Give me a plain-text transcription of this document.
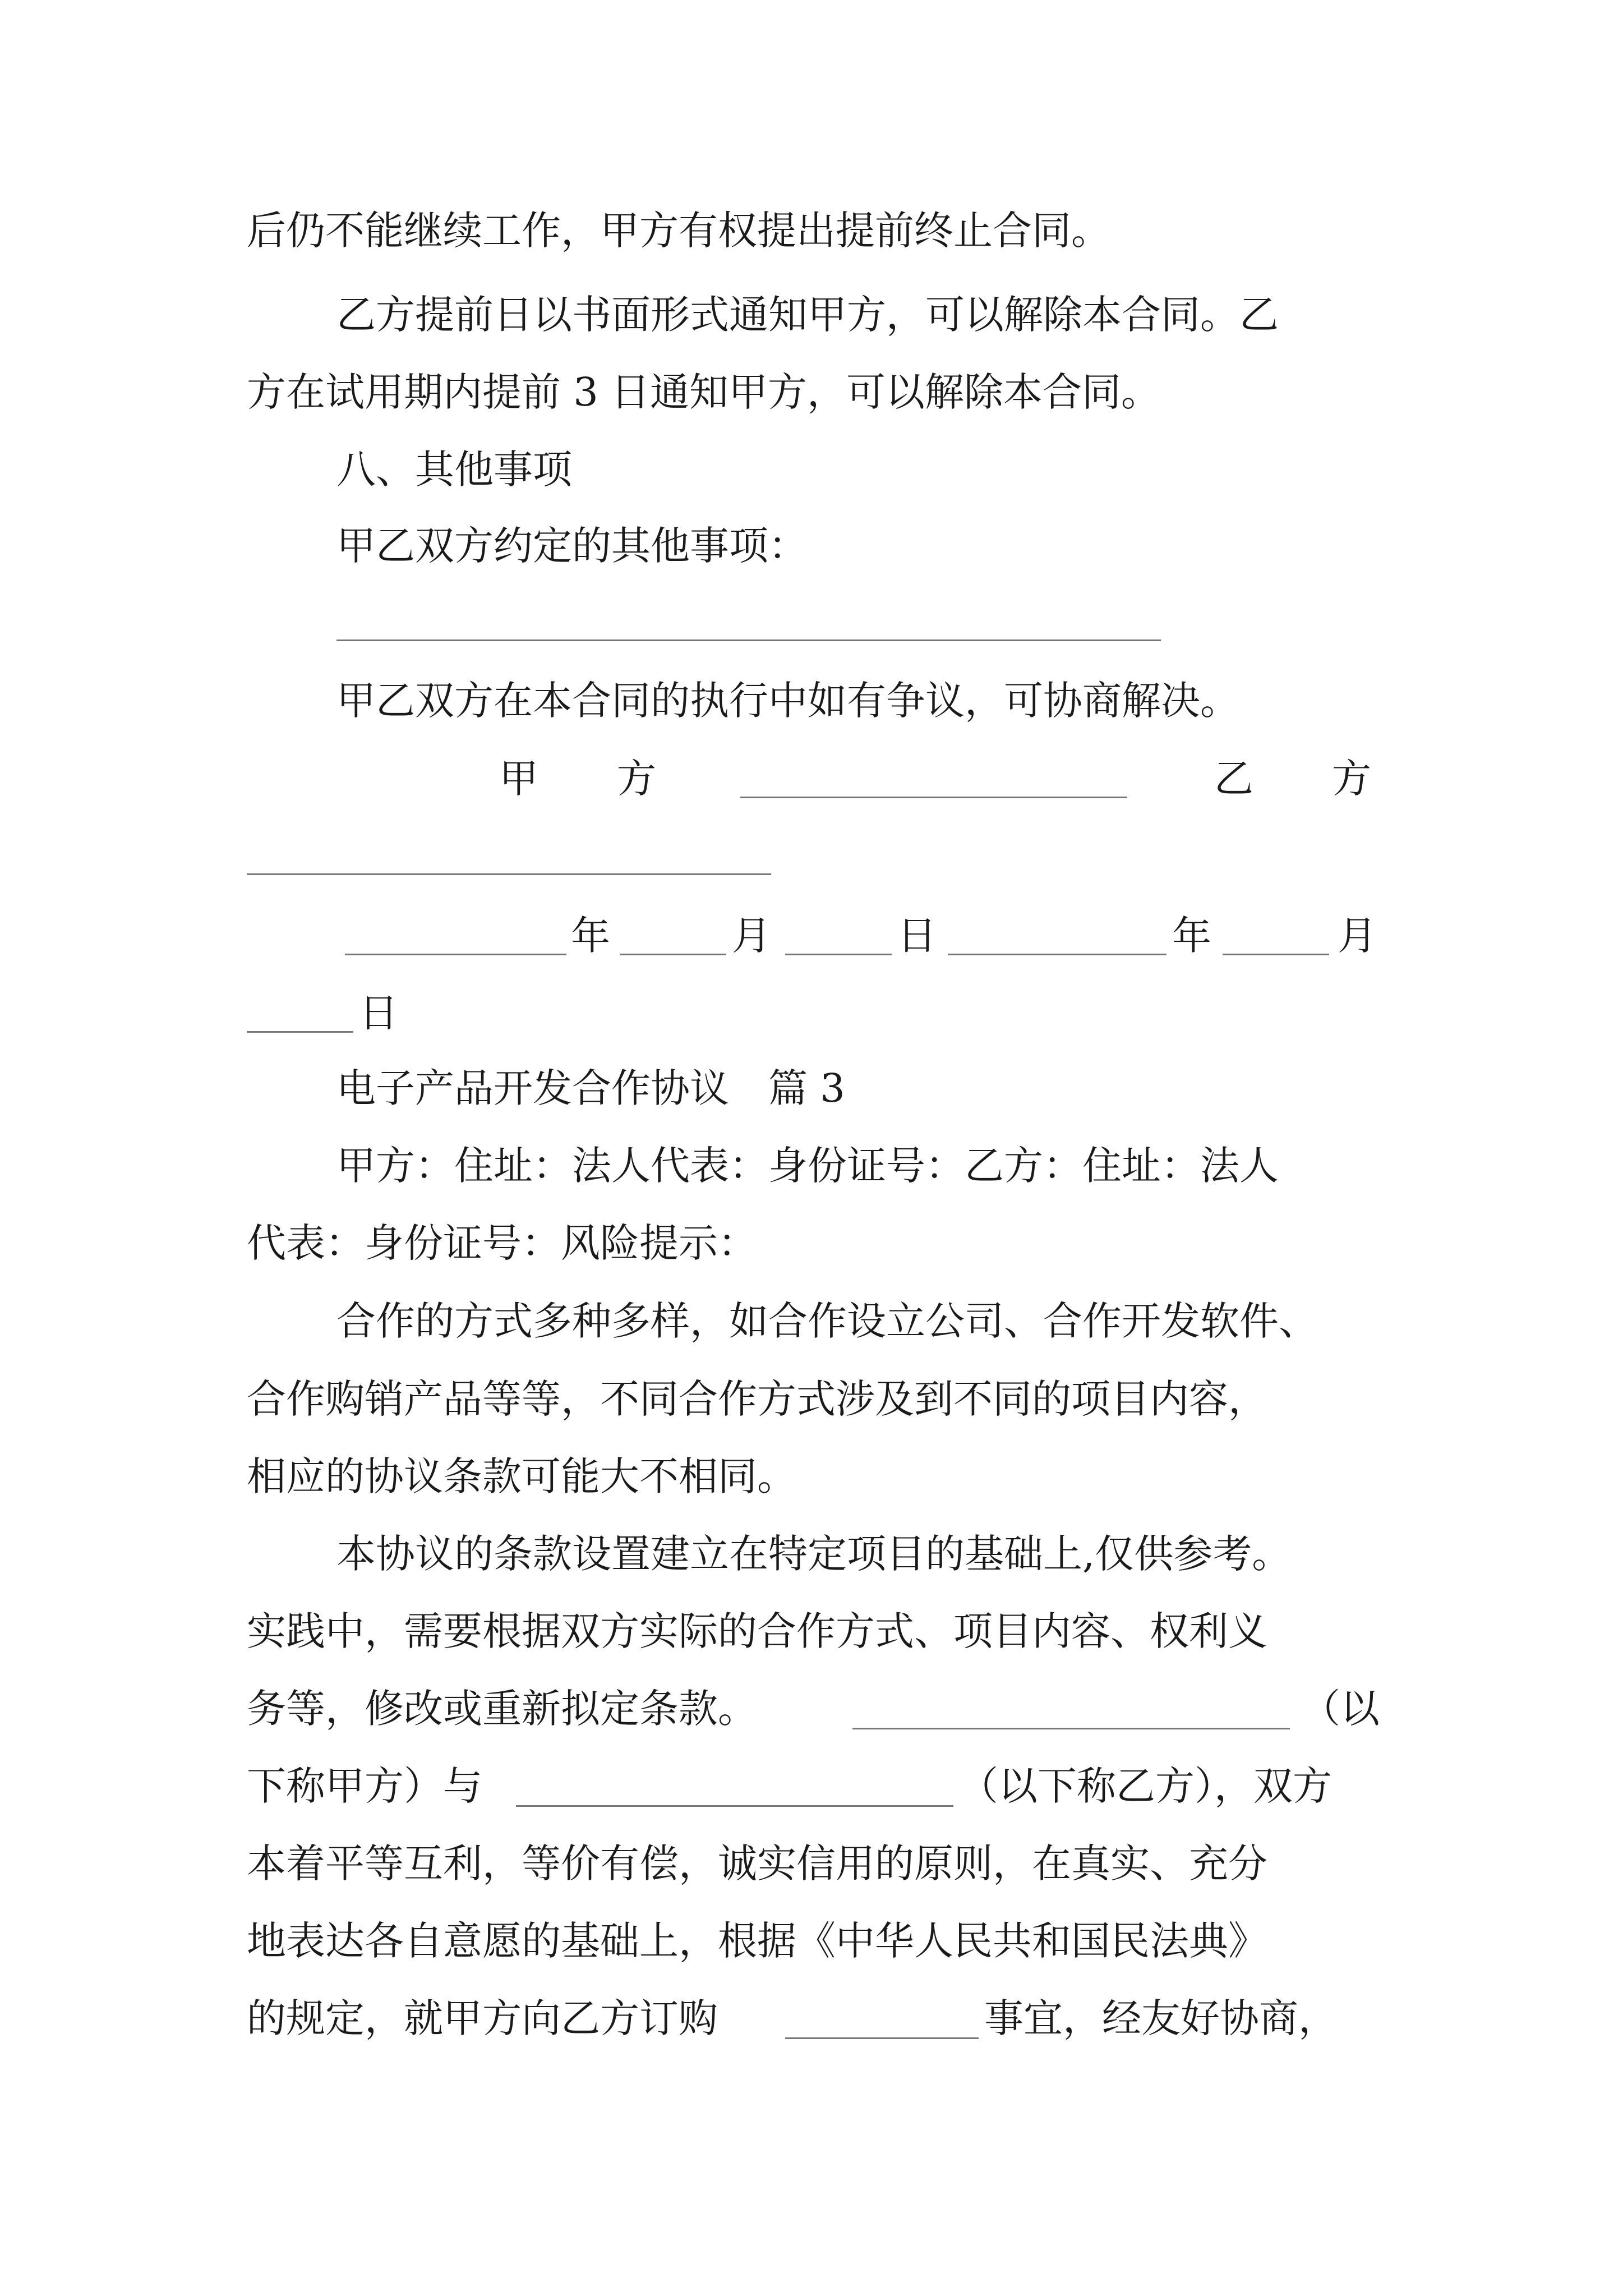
后仍不能继续工作，甲方有权提出提前终止合同。
乙方提前日以书面形式通知甲方，可以解除本合同。乙
方在试用期内提前 3 日通知甲方，可以解除本合同。
八、其他事项
甲乙双方约定的其他事项：
甲乙双方在本合同的执行中如有争议，可协商解决。
甲　　方	乙　　方
年	月	日	年	月
日
电子产品开发合作协议　篇 3
甲方：住址：法人代表：身份证号：乙方：住址：法人
代表：身份证号：风险提示：
合作的方式多种多样，如合作设立公司、合作开发软件、
合作购销产品等等，不同合作方式涉及到不同的项目内容，
相应的协议条款可能大不相同。
本协议的条款设置建立在特定项目的基础上,仅供参考。
实践中，需要根据双方实际的合作方式、项目内容、权利义
务等，修改或重新拟定条款。	（以
下称甲方）与	（以下称乙方），双方
本着平等互利，等价有偿，诚实信用的原则，在真实、充分
地表达各自意愿的基础上，根据《中华人民共和国民法典》
的规定，就甲方向乙方订购	事宜，经友好协商，
